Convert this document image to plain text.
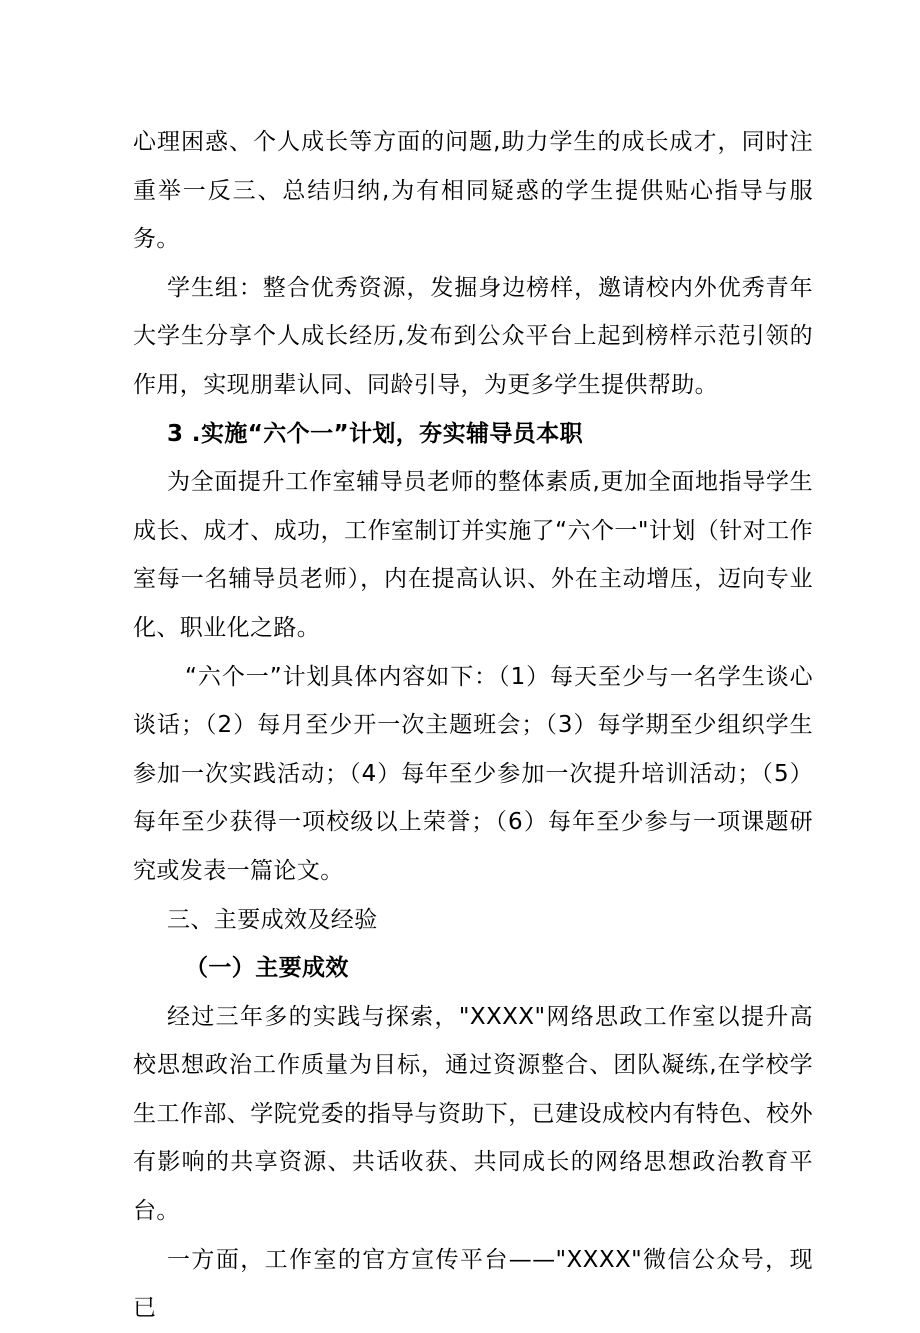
心理困惑、个人成长等方面的问题,助力学生的成长成才，同时注重举一反三、总结归纳,为有相同疑惑的学生提供贴心指导与服务。

学生组：整合优秀资源，发掘身边榜样，邀请校内外优秀青年大学生分享个人成长经历,发布到公众平台上起到榜样示范引领的作用，实现朋辈认同、同龄引导，为更多学生提供帮助。

3 .实施“六个一”计划，夯实辅导员本职

为全面提升工作室辅导员老师的整体素质,更加全面地指导学生成长、成才、成功，工作室制订并实施了“六个一"计划（针对工作室每一名辅导员老师），内在提高认识、外在主动增压，迈向专业化、职业化之路。

“六个一”计划具体内容如下：（1）每天至少与一名学生谈心谈话；（2）每月至少开一次主题班会；（3）每学期至少组织学生参加一次实践活动；（4）每年至少参加一次提升培训活动；（5）每年至少获得一项校级以上荣誉；（6）每年至少参与一项课题研究或发表一篇论文。

三、主要成效及经验

（一）主要成效

经过三年多的实践与探索，"XXXX"网络思政工作室以提升高校思想政治工作质量为目标，通过资源整合、团队凝练,在学校学生工作部、学院党委的指导与资助下，已建设成校内有特色、校外有影响的共享资源、共话收获、共同成长的网络思想政治教育平台。

一方面，工作室的官方宣传平台——"XXXX"微信公众号，现已
